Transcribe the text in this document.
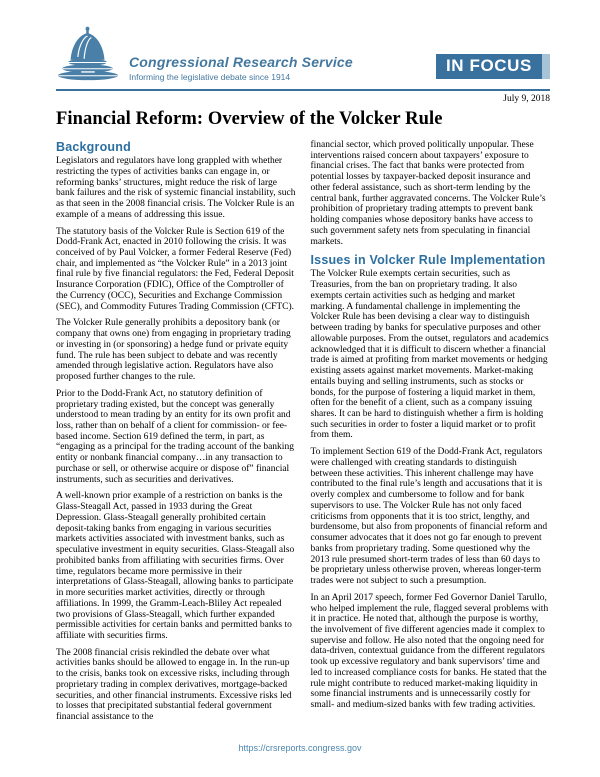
Congressional Research Service
Informing the legislative debate since 1914
IN FOCUS
July 9, 2018
Financial Reform: Overview of the Volcker Rule
Background

Legislators and regulators have long grappled with whether restricting the types of activities banks can engage in, or reforming banks’ structures, might reduce the risk of large bank failures and the risk of systemic financial instability, such as that seen in the 2008 financial crisis. The Volcker Rule is an example of a means of addressing this issue.

The statutory basis of the Volcker Rule is Section 619 of the Dodd-Frank Act, enacted in 2010 following the crisis. It was conceived of by Paul Volcker, a former Federal Reserve (Fed) chair, and implemented as “the Volcker Rule” in a 2013 joint final rule by five financial regulators: the Fed, Federal Deposit Insurance Corporation (FDIC), Office of the Comptroller of the Currency (OCC), Securities and Exchange Commission (SEC), and Commodity Futures Trading Commission (CFTC).

The Volcker Rule generally prohibits a depository bank (or company that owns one) from engaging in proprietary trading or investing in (or sponsoring) a hedge fund or private equity fund. The rule has been subject to debate and was recently amended through legislative action. Regulators have also proposed further changes to the rule.

Prior to the Dodd-Frank Act, no statutory definition of proprietary trading existed, but the concept was generally understood to mean trading by an entity for its own profit and loss, rather than on behalf of a client for commission- or fee-based income. Section 619 defined the term, in part, as “engaging as a principal for the trading account of the banking entity or nonbank financial company…in any transaction to purchase or sell, or otherwise acquire or dispose of” financial instruments, such as securities and derivatives.

A well-known prior example of a restriction on banks is the Glass-Steagall Act, passed in 1933 during the Great Depression. Glass-Steagall generally prohibited certain deposit-taking banks from engaging in various securities markets activities associated with investment banks, such as speculative investment in equity securities. Glass-Steagall also prohibited banks from affiliating with securities firms. Over time, regulators became more permissive in their interpretations of Glass-Steagall, allowing banks to participate in more securities market activities, directly or through affiliations. In 1999, the Gramm-Leach-Bliley Act repealed two provisions of Glass-Steagall, which further expanded permissible activities for certain banks and permitted banks to affiliate with securities firms.

The 2008 financial crisis rekindled the debate over what activities banks should be allowed to engage in. In the run-up to the crisis, banks took on excessive risks, including through proprietary trading in complex derivatives, mortgage-backed securities, and other financial instruments. Excessive risks led to losses that precipitated substantial federal government financial assistance to the

financial sector, which proved politically unpopular. These interventions raised concern about taxpayers’ exposure to financial crises. The fact that banks were protected from potential losses by taxpayer-backed deposit insurance and other federal assistance, such as short-term lending by the central bank, further aggravated concerns. The Volcker Rule’s prohibition of proprietary trading attempts to prevent bank holding companies whose depository banks have access to such government safety nets from speculating in financial markets.

Issues in Volcker Rule Implementation

The Volcker Rule exempts certain securities, such as Treasuries, from the ban on proprietary trading. It also exempts certain activities such as hedging and market marking. A fundamental challenge in implementing the Volcker Rule has been devising a clear way to distinguish between trading by banks for speculative purposes and other allowable purposes. From the outset, regulators and academics acknowledged that it is difficult to discern whether a financial trade is aimed at profiting from market movements or hedging existing assets against market movements. Market-making entails buying and selling instruments, such as stocks or bonds, for the purpose of fostering a liquid market in them, often for the benefit of a client, such as a company issuing shares. It can be hard to distinguish whether a firm is holding such securities in order to foster a liquid market or to profit from them.

To implement Section 619 of the Dodd-Frank Act, regulators were challenged with creating standards to distinguish between these activities. This inherent challenge may have contributed to the final rule’s length and accusations that it is overly complex and cumbersome to follow and for bank supervisors to use. The Volcker Rule has not only faced criticisms from opponents that it is too strict, lengthy, and burdensome, but also from proponents of financial reform and consumer advocates that it does not go far enough to prevent banks from proprietary trading. Some questioned why the 2013 rule presumed short-term trades of less than 60 days to be proprietary unless otherwise proven, whereas longer-term trades were not subject to such a presumption.

In an April 2017 speech, former Fed Governor Daniel Tarullo, who helped implement the rule, flagged several problems with it in practice. He noted that, although the purpose is worthy, the involvement of five different agencies made it complex to supervise and follow. He also noted that the ongoing need for data-driven, contextual guidance from the different regulators took up excessive regulatory and bank supervisors’ time and led to increased compliance costs for banks. He stated that the rule might contribute to reduced market-making liquidity in some financial instruments and is unnecessarily costly for small- and medium-sized banks with few trading activities.

https://crsreports.congress.gov
